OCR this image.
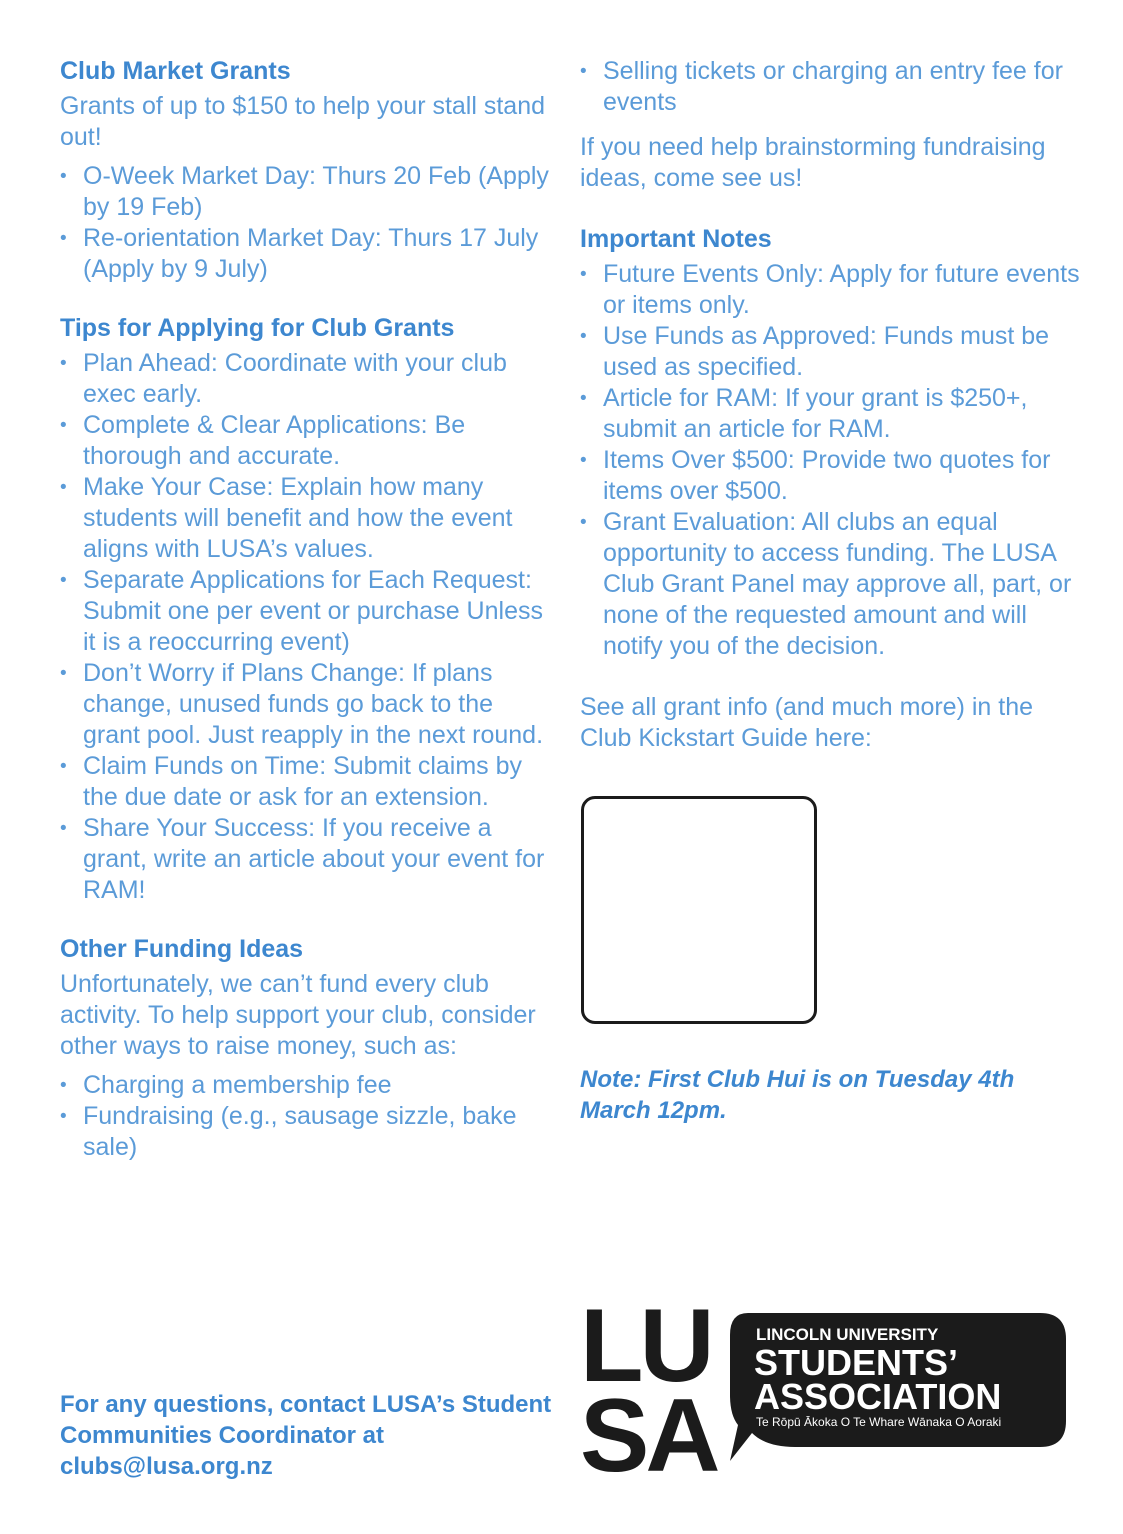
Club Market Grants

Grants of up to $150 to help your stall stand out!

• O-Week Market Day: Thurs 20 Feb (Apply by 19 Feb)
• Re-orientation Market Day: Thurs 17 July (Apply by 9 July)
Tips for Applying for Club Grants
• Plan Ahead: Coordinate with your club exec early.
• Complete & Clear Applications: Be thorough and accurate.
• Make Your Case: Explain how many students will benefit and how the event aligns with LUSA’s values.
• Separate Applications for Each Request: Submit one per event or purchase Unless it is a reoccurring event)
• Don’t Worry if Plans Change: If plans change, unused funds go back to the grant pool. Just reapply in the next round.
• Claim Funds on Time: Submit claims by the due date or ask for an extension.
• Share Your Success: If you receive a grant, write an article about your event for RAM!
Other Funding Ideas

Unfortunately, we can’t fund every club activity. To help support your club, consider other ways to raise money, such as:

• Charging a membership fee
• Fundraising (e.g., sausage sizzle, bake sale)
• Selling tickets or charging an entry fee for events

If you need help brainstorming fundraising ideas, come see us!

Important Notes
• Future Events Only: Apply for future events or items only.
• Use Funds as Approved: Funds must be used as specified.
• Article for RAM: If your grant is $250+, submit an article for RAM.
• Items Over $500: Provide two quotes for items over $500.
• Grant Evaluation: All clubs an equal opportunity to access funding. The LUSA Club Grant Panel may approve all, part, or none of the requested amount and will notify you of the decision.

See all grant info (and much more) in the Club Kickstart Guide here:

Note: First Club Hui is on Tuesday 4th March 12pm.
For any questions, contact LUSA’s Student Communities Coordinator at clubs@lusa.org.nz
LU
SA
LINCOLN UNIVERSITY
STUDENTS’
ASSOCIATION
Te Rōpū Ākoka O Te Whare Wānaka O Aoraki
